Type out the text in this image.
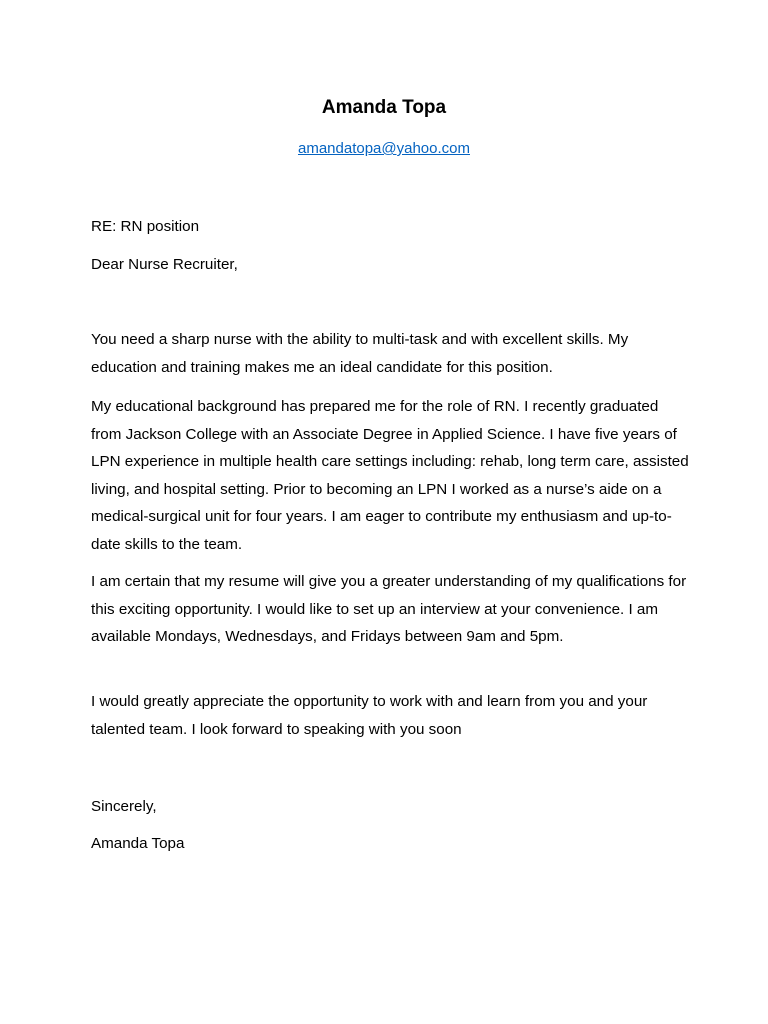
Amanda Topa
amandatopa@yahoo.com

RE: RN position

Dear Nurse Recruiter,

You need a sharp nurse with the ability to multi-task and with excellent skills. My education and training makes me an ideal candidate for this position.

My educational background has prepared me for the role of RN. I recently graduated from Jackson College with an Associate Degree in Applied Science. I have five years of LPN experience in multiple health care settings including: rehab, long term care, assisted living, and hospital setting. Prior to becoming an LPN I worked as a nurse’s aide on a medical-surgical unit for four years. I am eager to contribute my enthusiasm and up-to-date skills to the team.

I am certain that my resume will give you a greater understanding of my qualifications for this exciting opportunity. I would like to set up an interview at your convenience. I am available Mondays, Wednesdays, and Fridays between 9am and 5pm.

I would greatly appreciate the opportunity to work with and learn from you and your talented team. I look forward to speaking with you soon

Sincerely,

Amanda Topa
